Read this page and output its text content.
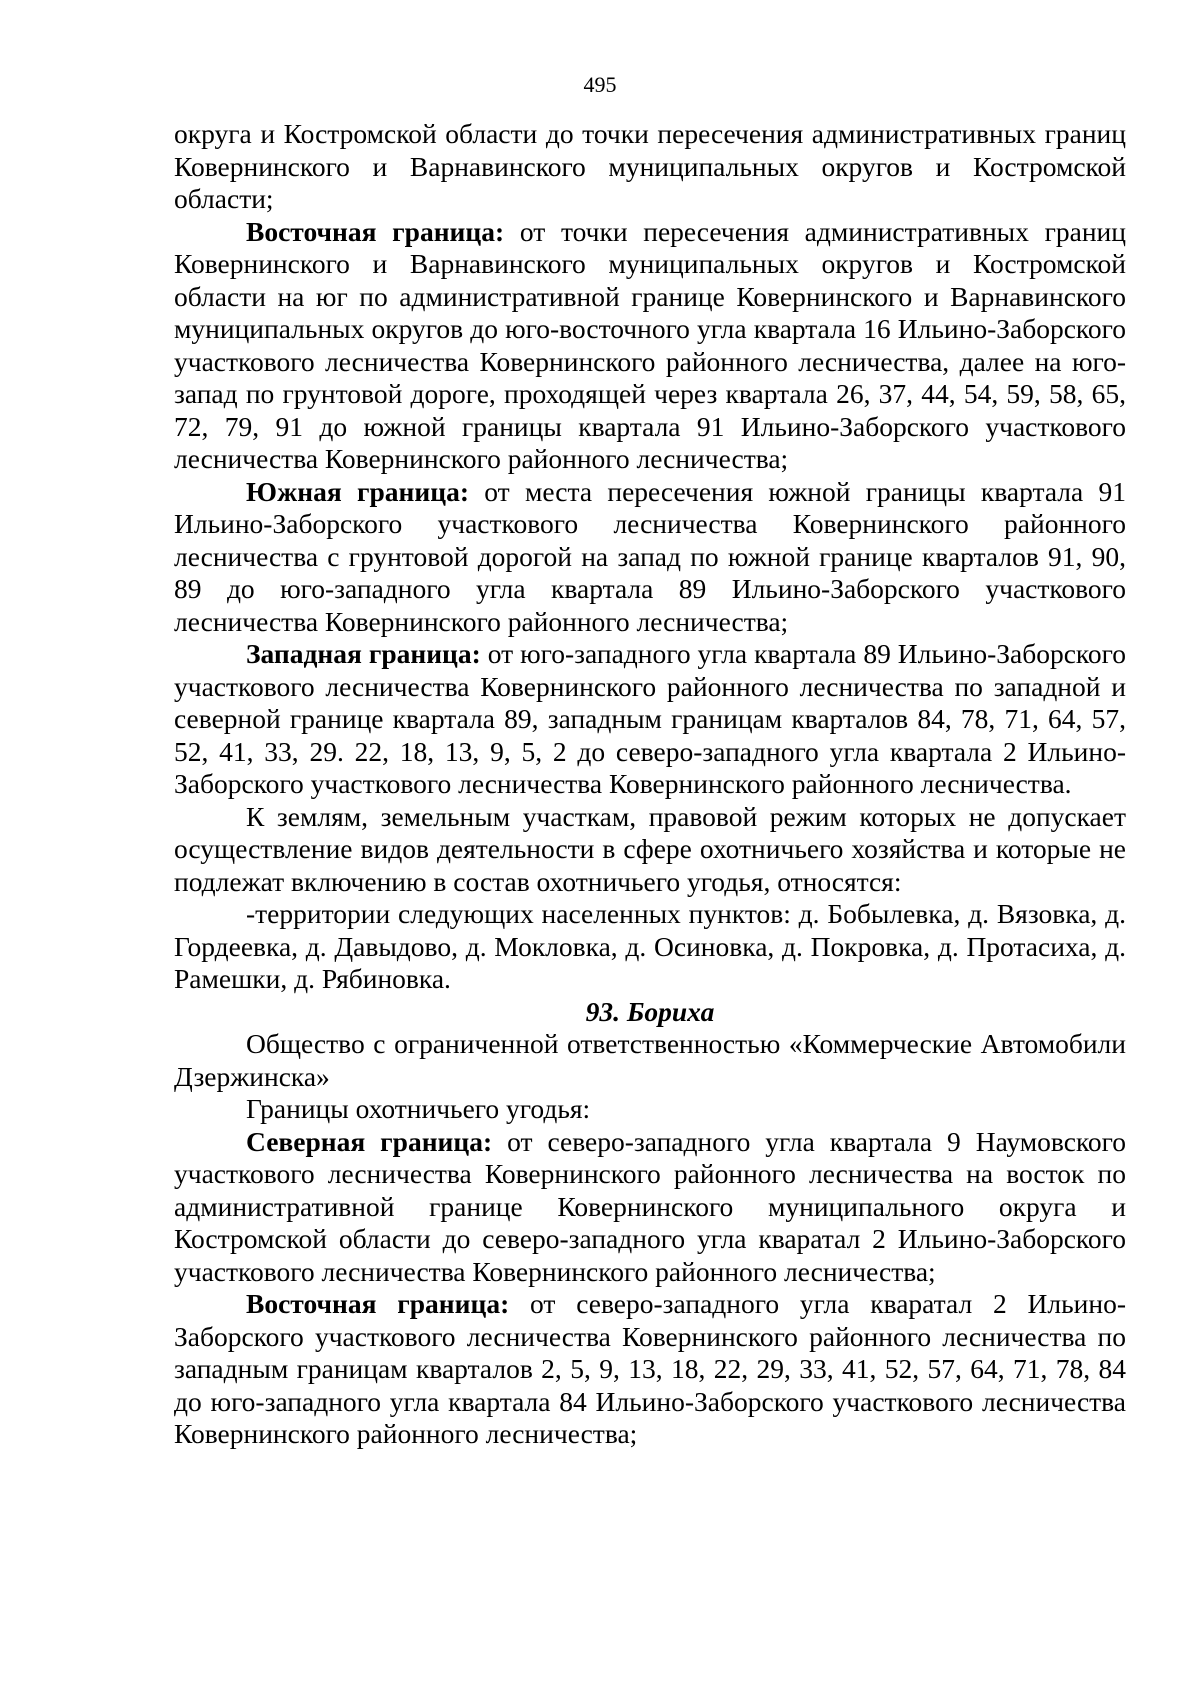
495

округа и Костромской области до точки пересечения административных границ Ковернинского и Варнавинского муниципальных округов и Костромской области;

Восточная граница: от точки пересечения административных границ Ковернинского и Варнавинского муниципальных округов и Костромской области на юг по административной границе Ковернинского и Варнавинского муниципальных округов до юго-восточного угла квартала 16 Ильино-Заборского участкового лесничества Ковернинского районного лесничества, далее на юго-запад по грунтовой дороге, проходящей через квартала 26, 37, 44, 54, 59, 58, 65, 72, 79, 91 до южной границы квартала 91 Ильино-Заборского участкового лесничества Ковернинского районного лесничества;

Южная граница: от места пересечения южной границы квартала 91 Ильино-Заборского участкового лесничества Ковернинского районного лесничества с грунтовой дорогой на запад по южной границе кварталов 91, 90, 89 до юго-западного угла квартала 89 Ильино-Заборского участкового лесничества Ковернинского районного лесничества;

Западная граница: от юго-западного угла квартала 89 Ильино-Заборского участкового лесничества Ковернинского районного лесничества по западной и северной границе квартала 89, западным границам кварталов 84, 78, 71, 64, 57, 52, 41, 33, 29. 22, 18, 13, 9, 5, 2 до северо-западного угла квартала 2 Ильино-Заборского участкового лесничества Ковернинского районного лесничества.

К землям, земельным участкам, правовой режим которых не допускает осуществление видов деятельности в сфере охотничьего хозяйства и которые не подлежат включению в состав охотничьего угодья, относятся:

-территории следующих населенных пунктов: д. Бобылевка, д. Вязовка, д. Гордеевка, д. Давыдово, д. Мокловка, д. Осиновка, д. Покровка, д. Протасиха, д. Рамешки, д. Рябиновка.

93. Бориха

Общество с ограниченной ответственностью «Коммерческие Автомобили Дзержинска»

Границы охотничьего угодья:

Северная граница: от северо-западного угла квартала 9 Наумовского участкового лесничества Ковернинского районного лесничества на восток по административной границе Ковернинского муниципального округа и Костромской области до северо-западного угла кваратал 2 Ильино-Заборского участкового лесничества Ковернинского районного лесничества;

Восточная граница: от северо-западного угла кваратал 2 Ильино-Заборского участкового лесничества Ковернинского районного лесничества по западным границам кварталов 2, 5, 9, 13, 18, 22, 29, 33, 41, 52, 57, 64, 71, 78, 84 до юго-западного угла квартала 84 Ильино-Заборского участкового лесничества Ковернинского районного лесничества;
